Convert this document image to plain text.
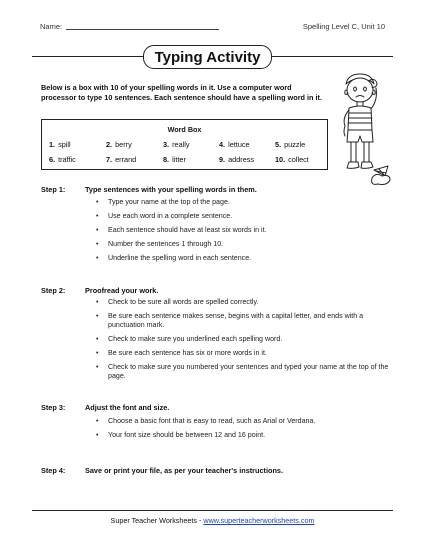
Name:	Spelling Level C, Unit 10
Typing Activity
Below is a box with 10 of your spelling words in it. Use a computer word processor to type 10 sentences. Each sentence should have a spelling word in it.
Word Box
1. spill	2. berry	3. really	4. lettuce	5. puzzle
6. traffic	7. errand	8. litter	9. address	10. collect
Step 1:	Type sentences with your spelling words in them.
• Type your name at the top of the page.
• Use each word in a complete sentence.
• Each sentence should have at least six words in it.
• Number the sentences 1 through 10.
• Underline the spelling word in each sentence.
Step 2:	Proofread your work.
• Check to be sure all words are spelled correctly.
• Be sure each sentence makes sense, begins with a capital letter, and ends with a punctuation mark.
• Check to make sure you underlined each spelling word.
• Be sure each sentence has six or more words in it.
• Check to make sure you numbered your sentences and typed your name at the top of the page.
Step 3:	Adjust the font and size.
• Choose a basic font that is easy to read, such as Arial or Verdana.
• Your font size should be between 12 and 16 point.
Step 4:	Save or print your file, as per your teacher's instructions.
Super Teacher Worksheets - www.superteacherworksheets.com
